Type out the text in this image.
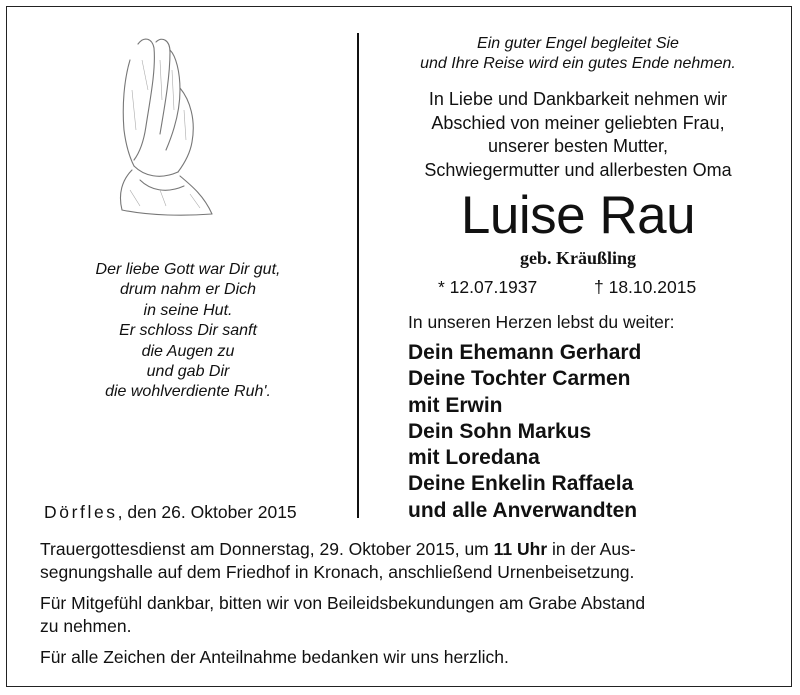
Der liebe Gott war Dir gut,
drum nahm er Dich
in seine Hut.
Er schloss Dir sanft
die Augen zu
und gab Dir
die wohlverdiente Ruh'.
Dörfles, den 26. Oktober 2015
Ein guter Engel begleitet Sie
und Ihre Reise wird ein gutes Ende nehmen.
In Liebe und Dankbarkeit nehmen wir
Abschied von meiner geliebten Frau,
unserer besten Mutter,
Schwiegermutter und allerbesten Oma
Luise Rau
geb. Kräußling
* 12.07.1937	† 18.10.2015
In unseren Herzen lebst du weiter:
Dein Ehemann Gerhard
Deine Tochter Carmen
mit Erwin
Dein Sohn Markus
mit Loredana
Deine Enkelin Raffaela
und alle Anverwandten

Trauergottesdienst am Donnerstag, 29. Oktober 2015, um 11 Uhr in der Aus-
segnungshalle auf dem Friedhof in Kronach, anschließend Urnenbeisetzung.

Für Mitgefühl dankbar, bitten wir von Beileidsbekundungen am Grabe Abstand
zu nehmen.

Für alle Zeichen der Anteilnahme bedanken wir uns herzlich.
